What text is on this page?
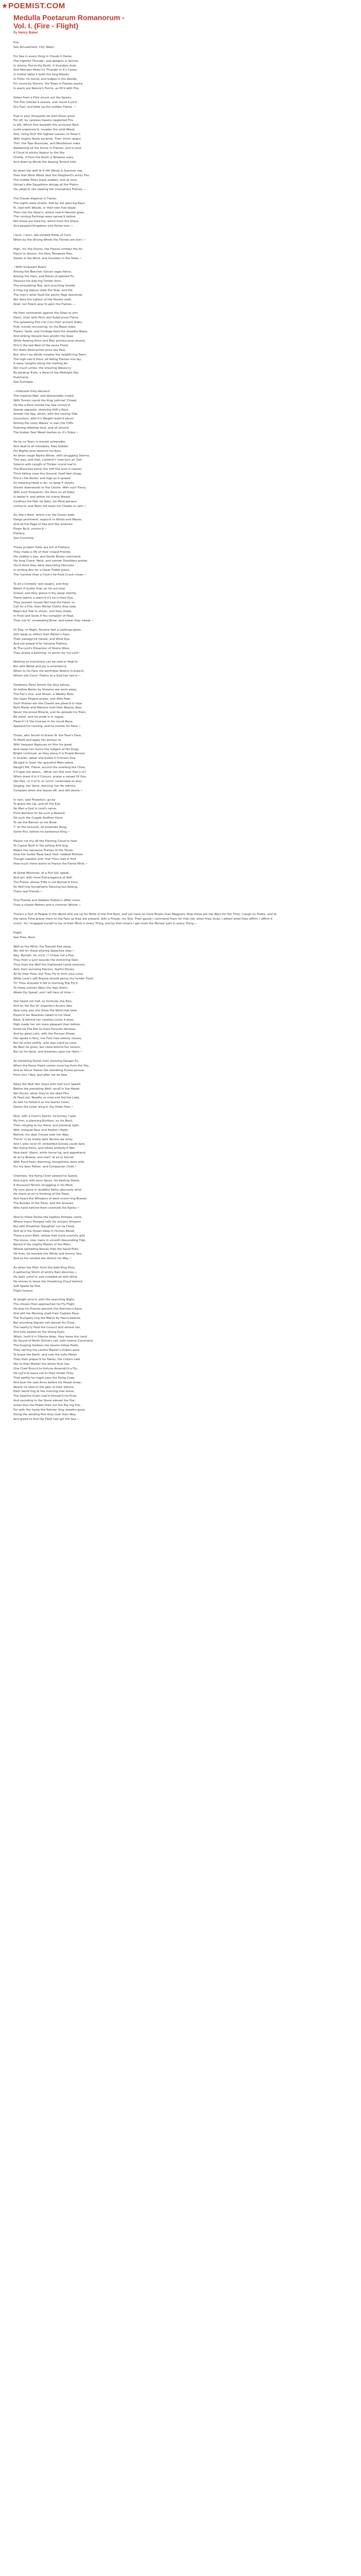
POEMIST.COM
Medulla Poetarum Romanorum - Vol. I. (Fire - Flight)
By Henry Baker
Fire.
See Amusement; City Taken.

For See in every thing in Clouds it flame;
The frightful Thunder, and delights in Storms
In stormy Fire'st the Earth, it thunders loud,
And Aetnaeo Heav'n's Thunder in it's Caves;
In hollow Vales it boils the long Woods;
In Flints 'tis found, and lodges in the Woods;
For round by Storms, the Trees in Flames expire,
In warm are Nature's Forms, as fill'd with Fire.

Ashes from a Flint struck out the Sparks,
The Fire noticed it Leaves, and round it pil'd
Dry Fuel, and blew up the sudden Flame. ~

Fuel in your Vineyards let wild Olives grow:
For oft, by careless Swains neglected Fire
Is left, Which first beneath the unctuous Bark
Lurks unperceiv'd, invades the solid Wood,
And, rising thro' the highest Leaves, to Heav'n
With mighty Noise ascends: Then Victor reigns
Thro' the Tops Branches, and Woodsmen rides
Awakening all the Grove in Flames: and to Jove
A Cloud of pitchy Vapour to the Sky
Chiefly, if from the North a Tempest roars,
And down'rg Winds the blazing Torrent rolls.

As when the well-fir'd Hill Winds is Summer rise,
Fires that Work Wood Vast the Shepherd's armly Fire:
The middle Trees blaze sudden, and at once
Volcan's dire Squadrons deluge all the Plains:
He, pleas'd, sits viewing the triumphant Flames.—

The Clouds disperse in Flame;
The Lights were shoots, Dell by the piercing Rays,
Pi, clad with Woods, in their own Fuel blaze:
Then cite the Heav'n, where now'd Harvest grew,
The running Fachings were uproar'd before
Not these are Ined Iho, which from the Shore,
And peopled Kingdoms into Ashes turn.—

I burn, I burn, like kindled Fields of Corn,
When by the driving Winds the Flames are born.~

High, 'tis' the Divine, the Flames ombleo the Air
Fierce to devour, the fiery Tempests flies,
Swells in the Wind, and thunders in the Skies.~

~With Incessant Roars
Among the Benches Vulcan rages fierce,
Among the Oars, and Decks of painted Fir,
Devours his way'ing Timber born,
The smouldring Tow, and scorching Smoke:
A hing ing Vapour stalk the Ship, and the
The men's what flusb the pitchy Pegs descends:
Nor does the Labour of the Heroes avail,
Avail, nor flowrs pour'd upon the Flames.—

He then commands against the Ships to arm
Darts, chari with Pitch and Sulphurous Flame
The spreading Fire o'er runs their ancient Sides;
Fold, mindly recovering, on the Blazo sides
Planks, Yards, and Cordage feed the dreadful Blaze,
And sinking Vessels face amidst the Seas:
While floating Arms and Men promiscuous strand,
Driv'n the last Rest of the azure Flood.
For down Destruction once she flew,
But, driv'n by Winds invades the neighb'ring Town:
The high-rais'd Hous' ell-falling Flames mix-lay,
A waxy Lengths along the melting Air;
Not much unlike, the shouting Waves'ry
By glowing Trails, a Heav'nt the Midnight Sky.
Psalmonia,
See Fumidale.

—Infatuate they demand
The imperial Wall, and distractedly crowd,
With Turrets round the King Lettrnat' Crowd;
He like a Rock amidst the Sea unmov'd,
Stands opposite, stretcing Stiff a Rock
Amidst the Sea, which, with the roaring Tide
Incounters, with it's Weight resist'd alsum
Among the noisy Waves' in vain the Cliffs
Foaming rebellow loud, and all around
The broken Sea'-Weed dashes on it's Sides.~

He by no Tears is moved vulnerable,
And deaf to all Intreaties; Fate forbids:
For Mighty Jove obstruct his Ears.
As when rough Alpine Winds, with struggling Storms,
This way, and that, contend t' over-turn an Oak
Solemn with Length of Timber round rear'd:
The Branches bend; the stiff Hut ever it Leaves
Thick falling cross the Ground; Itself fast clings,
Firll d i the Rocks: and high as it spread
Its towering Head in Air, so deep it shoots
Shoots downwards to the Centre: With such Force,
With such Frequents, the Hero on all Sides
Is batter'd: and within his manly Breast
Confines the Pain he feels; his Mind persevs
unmov'd: and Tears roll down his Cheeks in vain.~

As, like a Rock, which o'er the Ocean wide
Hangs prominent, expos'd to Winds and Waves,
And all the Rage of Sea and Sky endures:
Fixam Ru'd, unmov'd.~
Flattery.
See Courtship.

These prudent Folks are full of Flattery:
They make a life of their insipid Friends,
His clubber's tips, and Senile Brows commend;
His long Crane- Neck, and narrow Shoulders praise;
You'd think they were describing Hercules.
In smiling Airs for a Usear Fiddle grace,
The' harsher than a Cock's for-Fook-Crack crows.~

To all a Comedy' test laughs; and they
Retort if louder than on his out-loop
Grieve; and they grieve if You weep silently.
There seems a seem'd it's he is their Eye,
They present moves Not how the Hand: or
Call for a Frie, then Winter Cloths they take,
Begin but Yow to shiver, and they shake.
In Frost and Snow if You complain of Heat,
They rub th' unsweating Brow, and swear they sweat.~

Or Day, or Night, Anyone feel a Lookings-glass,
Still ready to reflect their Patron's Face:
Their panegyrick Hands; and Wind Eye,
And not prepar'd for fulsome Flattery,
At The Lord's Dissenion of Sheire Wine,
They praise a belching. or worst--by my Lord~

Nothing so monstrous can be said or feign'd,
But with Belief and Joy is entertain'd,
When to his Face the worthless Wretch is prais'd,
Whom vile Court- Flattry to a God has rais'd:—

Goodness Party Ammo the Soul betray,
As hollow Banks by Streams are worn away;
The Fox's vice, and Shiver, a Weekly Rule;
Her taper Fingers praise, and little Feet:
Such Praises win the Chaste are pleas'd to hear:
Both Maids and Matrons hold their Beauty dear.
Never the proud Miracle, and he spreads his Train;
Be silent, and his pride is in vague;
Pleas'd t it the Courser in his round Race,
Applaud his running, and he mends his Pace.~

Those, who Secret to brave Ya' the Fave's Face,
To Moldi and apply His armour to,
With frequent Raptures on Him his great,
And make him Sumn the Subject of His Kings.
Bright continual: as they alone it is Purple Bronze
In Scarlet, swear she builds it Crimson Sha:
Ab'ygrd in Gold, Her gracefull Mien adore,
Naught Pet, Flame, accord she smelling the Chire,
If Crape she wears,—What can She ever Hair's re?
When dress'd in it Colours, praise a valued Of Gos,
Her Hair, or Curl'd, or curl'd, contended so less;
Singing, her Voice, dancing, her Air admire,
Complain when she leaves off, and still desire.~

In vain, said Phaethon, go by
To grace the Lip, and elt the Eye:
No Man a God in Lord's name;
From Romans for be such a Reward:
Do such the Cupple Stuffner Hove
To set the Banner on his Brow:
T' on the Ground), all prostrate flung,
Some Pict, before his barbarous King.~

Please not thy All the Flaming Cloud to hear,
To Caesar Built in the ashing Arid brig,
Reject the nauseous Praises of the Times:
Give the louder Base back their nobbed Rhimes:
Though sweeter and, that Thou may'st find
How much there wants to France the Flame Mind.~

At Great Misonner, at a Pull full, speak,
And act, with more Extravagance of Self;
The Praise, whose Trifle is not Borrow'd from,
Its flatt'ring Sycophants Dancing but belong,
Them real Friends:~

True Friends and Sebbles Platten's differ more,
Than a chaste Matron and a common Whore.~

There's a Sort of People in the World who are up for Write of the first Byte, and yet have no more Brains than Magpyes: Now these are the Wars for the Time; I laugh on Pretty, and at the same Time praise them to the Face as they are present, with a Flooze: my Sho; Their gaudy I commend them for that not; when they stray, I detect what they affirm; I affirm it much: 'tis I engaged myself to lay of their Mind in every Thing, and by that means I get most the Money! part in every Thing.—

Flight.
See Fires; Rout.

Well as the Wind, the Damsel fled away,
Nor did for these alluring Speeches stay:—
Nay, Nymph, he cry'd, / I Chase not a Foe,
Thus from a Lyon bounds the bird-bring Deer,
Thus from the Wolf the frightened Lamb removes,
And, from pursuing Falcons, fearful Doves:
All fly their Foes, but Thou Fly'st from your Love;
While Love's soft Breeze should penus thy tender Food:
Th' Thou shouldst it fall in thorning Trip Fly'd
To sharp uneven Ways thy legs direct,
Abate thy Speed, and I will face of mine.~

She heard not half, so furiously she flies;
And on her Ear th' imperfect Accent dies.
Now lusty was she there the Wind that blew
Expos'd her Beauties naked to his View:
Back, & behind her careless Locks it blow,
High made her not more pleasant than before.
Know-ed The Esk to more Pursuits disclose,
And by glean Lots, with the Pursuer Draws,
Her speed is fiery, her Foot had ratterly moves,
But he more swiftly, who was urg'd by Love.
No Rest he gives, but close behind her hovers,
But on his Neck, and breathes upon her Hairs.~

As trembling Doves from pressing Danger fly,
When the fierce Hawk comes cross'ing from the Sky;
And as fierce Hawks the trembling Doves pursue,
From him I fled, and after me he flew.

Away the fled! Nor Stays with half such Speed;
Before the prevailing Wolf, recall in the Meeet.
Not Ducks, when they're the eked Fins
At Feed yet, Readily re crew and fed the Lake,
As fast he follow'd as the fearful Cares
Desire the Lover wing'd, the Virgin Fear.~

Now, with a Coon's Spirits, he'ersney I take
My firm, a planning Burthen, on his Back:
Then clinging to my Hand, and pressing tight,
With Unequal Pace and Hastes I flight:
Behind, my dear Creusa took her Way;
The'or' in by lonely dark Recess we stray,
And I, who ne'er th' embattled Groves could dare,
Nor fiying Darts, and silhite embody'd War,
Now each' Alarm, while horror'ng; and apprehend,
At ev'ry Breeze, and start' at ev'ry Sound;
With Fond Fears Alarming, thoughtless were wild,
For my dear Father, and Companion Child.~

Cherrless, the flying Chief viewed his Speed,
And urg'd, with Jerry Spurs, his bosting Steed,
A thousand Terrors struggling in his Mind,
He runs alone in doubtful Paths obscurely wind
He starts at ev'ry thinking of the Trees,
And hears the Whispers of each murm'ring Breeze;
The Rustles of the Trees, and the Grasses,
Who hand behind them overtook the Ranks.~

Now to these Stores the hapless Pompey came,
Where hoary Pompey rolls his ancient Streams
But with Emathian Slaughter run he Flood,
And dy'd the Ocean deep in Human Blood:
There a poor Bark, whose frail scant scarcely gild
The sluice, now, lowrs in smooth descending Tide,
Receiv'd the mighty Master of the Main;
Whose spreading Navies hide the liquid Plain.
He lives, he tremble the Winds and stormy Sea,
And to the sanded Isle directs his Way.~

As when the Pilot, from the bald King Fires,
A gathering Storm of wintry Rain descries:—
He Sails unfurl'd, and crowded all with Wind,
He strives to leave the threatning Cloud behind:
Soft Speed be fled.
Flight furious;

At length arriv'd, with the searching Night,
The chosen Host approached his Fly Flight
He bids his Friends prevent the Starmen's Race,
And still the Morning shalt their Captain Pace:
The Trumpets ring the March by Hours bestow,
But sounding Signals call abroad his Close.
The hearty'ly Hold the Council and almost ran,
And fully sealed on the Vising Eyes;
When, hush'd in Silence deep, they leave the Land:
No Sound of North Dinners call, with hoarse Command;
The Scaping Soldiers the bosom follow Fields
They sal'ling the careful Master's Orders pass;
To brace the Earth, and now the Lofty Meter
They then prepar'd his flanks, the Collars hale
Not to their Master the whole Host has,
One Chief Ensu'd to fortune Assembl'd a Fly,
He urg'd to leave not to their hinder Fires:
That swiftly he might pass the flying Crew,
And bow the vast Arms before his Heads knew;
Nearly he slew to the gain of their silence,
Each wond'ring at the morning that arose,
The Swarthy Grain now'd thronal'd his Prize.
And sounding to the Stove adored the Foe:
Great thus the Fewer their not the Fay ing Foe,
For with Yon haste the fielcher Sing sheaths gone,
Doing the winding Port they took their Way,
And greed to find the Fleet had got the Sea.~
